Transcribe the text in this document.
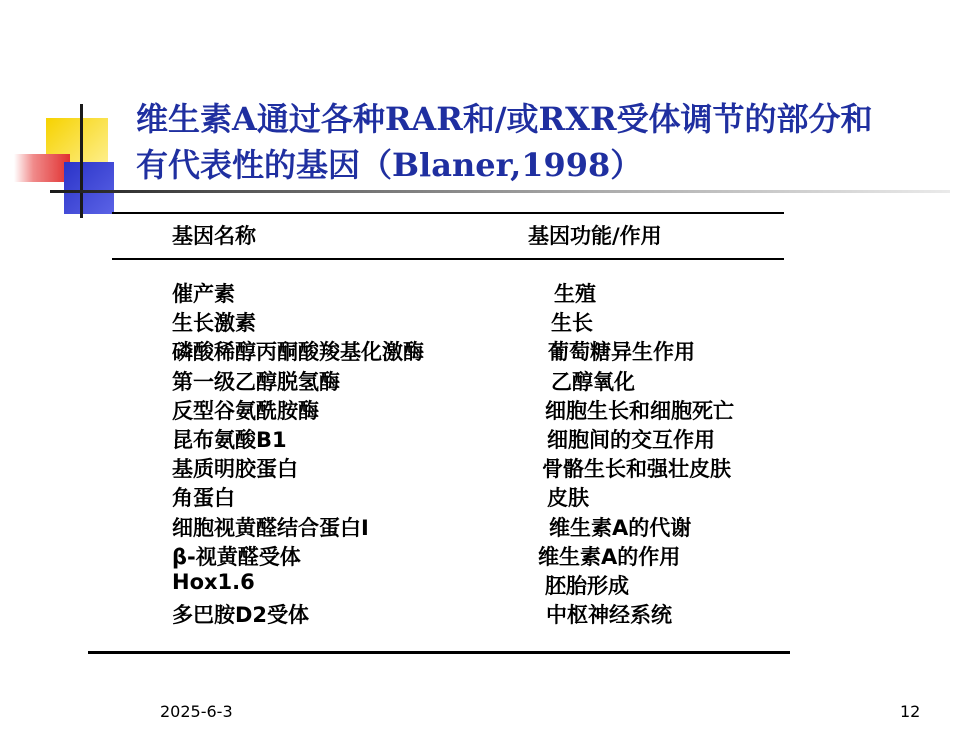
维生素A通过各种RAR和/或RXR受体调节的部分和
有代表性的基因（Blaner,1998）
基因名称	基因功能/作用
催产素	生殖
生长激素	生长
磷酸稀醇丙酮酸羧基化激酶	葡萄糖异生作用
第一级乙醇脱氢酶	乙醇氧化
反型谷氨酰胺酶	细胞生长和细胞死亡
昆布氨酸B1	细胞间的交互作用
基质明胶蛋白	骨骼生长和强壮皮肤
角蛋白	皮肤
细胞视黄醛结合蛋白Ⅰ	维生素A的代谢
β-视黄醛受体	维生素A的作用
Hox1.6	胚胎形成
多巴胺D2受体	中枢神经系统
2025-6-3	12
